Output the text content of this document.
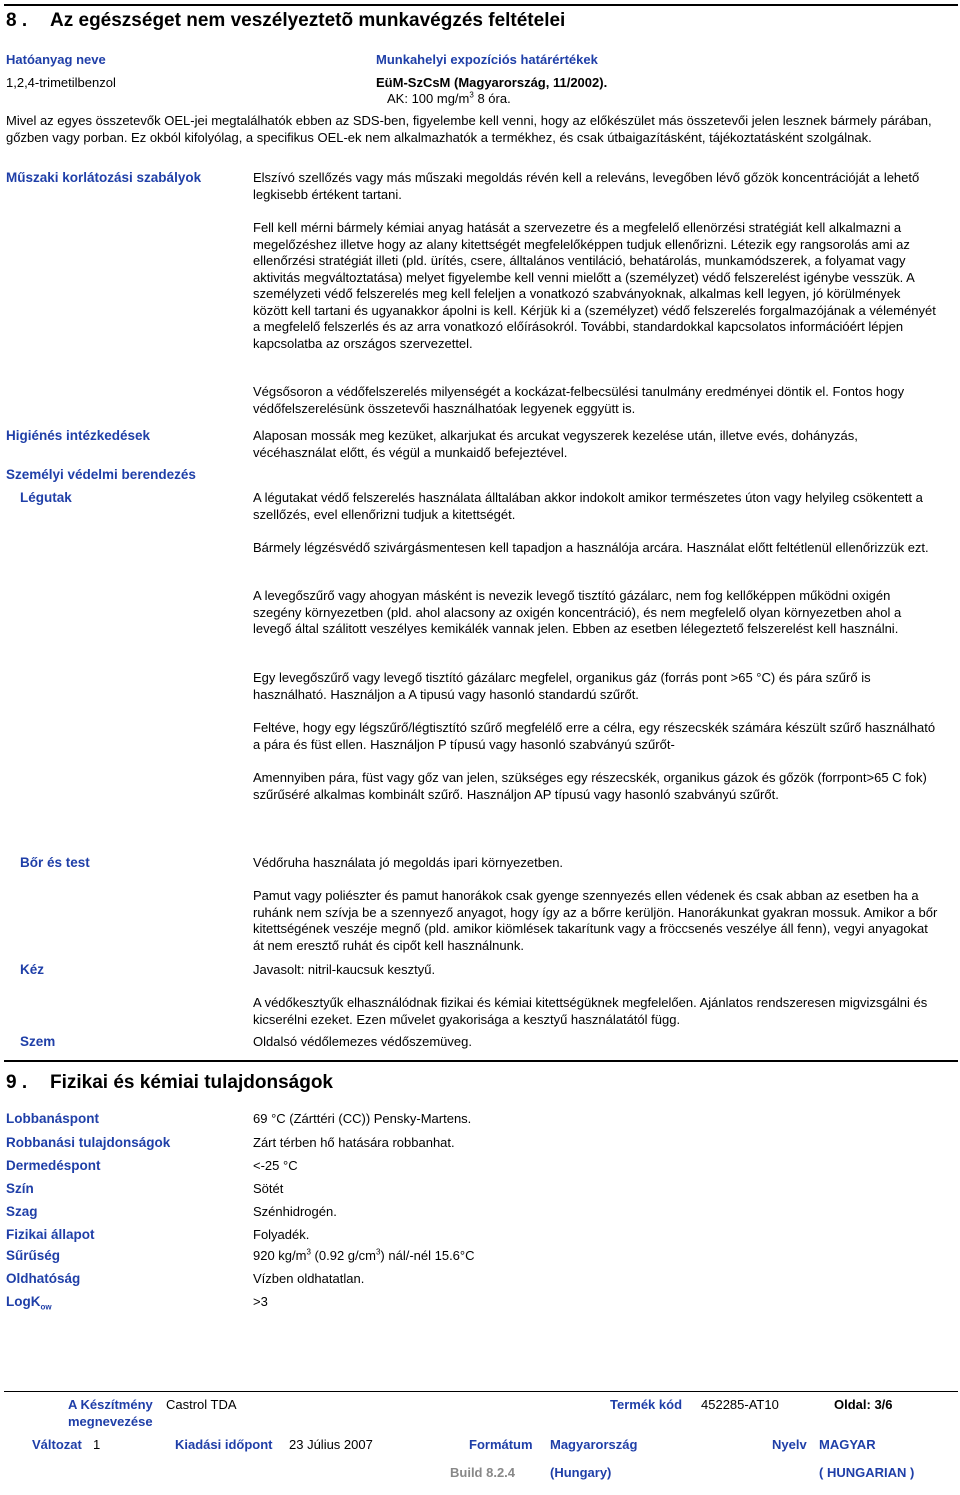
8 . Az egészséget nem veszélyeztetõ munkavégzés feltételei
Hatóanyag neve	Munkahelyi expozíciós határértékek
1,2,4-trimetilbenzol	EüM-SzCsM (Magyarország, 11/2002).
AK: 100 $mg/m^3$ 8 óra.
Mivel az egyes összetevők OEL-jei megtalálhatók ebben az SDS-ben, figyelembe kell venni, hogy az előkészület más összetevői jelen lesznek bármely párában, gőzben vagy porban. Ez okból kifolyólag, a specifikus OEL-ek nem alkalmazhatók a termékhez, és csak útbaigazításként, tájékoztatásként szolgálnak.
Műszaki korlátozási szabályok	Elszívó szellőzés vagy más műszaki megoldás révén kell a releváns, levegőben lévő gőzök koncentrációját a lehető legkisebb értékent tartani.
Fell kell mérni bármely kémiai anyag hatását a szervezetre és a megfelelő ellenörzési stratégiát kell alkalmazni a megelőzéshez illetve hogy az alany kitettségét megfelelőképpen tudjuk ellenőrizni. Létezik egy rangsorolás ami az ellenőrzési stratégiát illeti (pld. ürítés, csere, álltalános ventiláció, behatárolás, munkamódszerek, a folyamat vagy aktivitás megváltoztatása) melyet figyelembe kell venni mielőtt a (személyzet) védő felszerelést igénybe vesszük. A személyzeti védő felszerelés meg kell feleljen a vonatkozó szabványoknak, alkalmas kell legyen, jó körülmények között kell tartani és ugyanakkor ápolni is kell. Kérjük ki a (személyzet) védő felszerelés forgalmazójának a véleményét a megfelelő felszerlés és az arra vonatkozó előírásokról. További, standardokkal kapcsolatos információért lépjen kapcsolatba az országos szervezettel.
Végsősoron a védőfelszerelés milyenségét a kockázat-felbecsülési tanulmány eredményei döntik el. Fontos hogy védőfelszerelésünk összetevői használhatóak legyenek eggyütt is.
Higiénés intézkedések	Alaposan mossák meg kezüket, alkarjukat és arcukat vegyszerek kezelése után, illetve evés, dohányzás, vécéhasználat előtt, és végül a munkaidő befejeztével.
Személyi védelmi berendezés
Légutak	A légutakat védő felszerelés használata álltalában akkor indokolt amikor természetes úton vagy helyileg csökentett a szellőzés, evel ellenőrizni tudjuk a kitettségét.
Bármely légzésvédő szivárgásmentesen kell tapadjon a használója arcára. Használat előtt feltétlenül ellenőrizzük ezt.
A levegőszűrő vagy ahogyan másként is nevezik levegő tisztító gázálarc, nem fog kellőképpen működni oxigén szegény környezetben (pld. ahol alacsony az oxigén koncentráció), és nem megfelelő olyan környezetben ahol a levegő által szálitott veszélyes kemikálék vannak jelen. Ebben az esetben lélegeztető felszerelést kell használni.
Egy levegőszűrő vagy levegő tisztító gázálarc megfelel, organikus gáz (forrás pont >65 °C) és pára szűrő is használható. Használjon a A tipusú vagy hasonló standardú szűrőt.
Feltéve, hogy egy légszűrő/légtisztító szűrő megfelélő erre a célra, egy részecskék számára készült szűrő használható a pára és füst ellen. Használjon P típusú vagy hasonló szabványú szűrőt-
Amennyiben pára, füst vagy gőz van jelen, szükséges egy részecskék, organikus gázok és gőzök (forrpont>65 C fok) szűrűséré alkalmas kombinált szűrő. Használjon AP típusú vagy hasonló szabványú szűrőt.
Bőr és test	Védőruha használata jó megoldás ipari környezetben.
Pamut vagy poliészter és pamut hanorákok csak gyenge szennyezés ellen védenek és csak abban az esetben ha a ruhánk nem szívja be a szennyező anyagot, hogy így az a bőrre kerüljön. Hanorákunkat gyakran mossuk. Amikor a bőr kitettségének veszéje megnő (pld. amikor kiömlések takarítunk vagy a fröccsenés veszélye áll fenn), vegyi anyagokat át nem eresztő ruhát és cipőt kell használnunk.
Kéz	Javasolt: nitril-kaucsuk kesztyű.
A védőkesztyűk elhasználódnak fizikai és kémiai kitettségüknek megfelelően. Ajánlatos rendszeresen migvizsgálni és kicserélni ezeket. Ezen művelet gyakorisága a kesztyű használatától függ.
Szem	Oldalsó védőlemezes védőszemüveg.
9 . Fizikai és kémiai tulajdonságok
Lobbanáspont	69 °C (Zárttéri (CC)) Pensky-Martens.
Robbanási tulajdonságok	Zárt térben hő hatására robbanhat.
Dermedéspont	<-25 °C
Szín	Sötét
Szag	Szénhidrogén.
Fizikai állapot	Folyadék.
Sűrűség	920 $kg/m^3$ (0.92 $g/cm^3$) nál/-nél 15.6°C
Oldhatóság	Vízben oldhatatlan.
LogK$_{ow}$	>3
A Készítmény
megnevezése
Castrol TDA	Termék kód 452285-AT10	Oldal: 3/6
Változat 1	Kiadási időpont 23 Július 2007	Formátum Magyarország	Nyelv MAGYAR
Build 8.2.4	(Hungary)	( HUNGARIAN )
